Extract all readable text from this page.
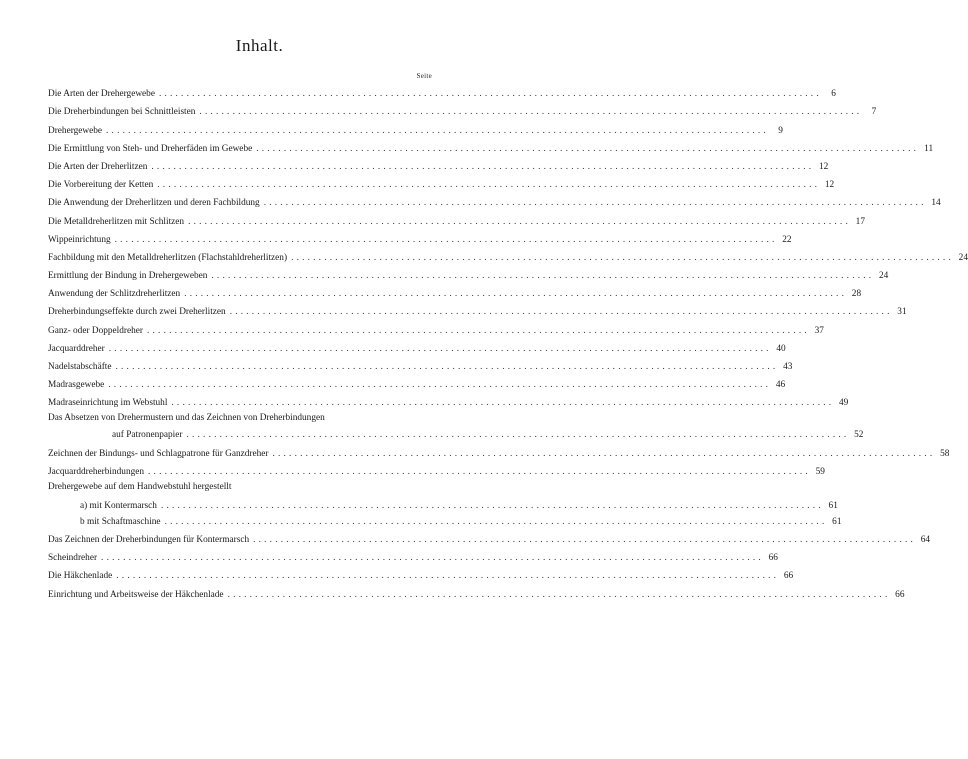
Inhalt.
Seite
Die Arten der Drehergewebe ........................................................................................................................	6
Die Dreherbindungen bei Schnittleisten ........................................................................................................................	7
Drehergewebe ........................................................................................................................	9
Die Ermittlung von Steh- und Dreherfäden im Gewebe ........................................................................................................................ 11
Die Arten der Dreherlitzen ........................................................................................................................ 12
Die Vorbereitung der Ketten ........................................................................................................................ 12
Die Anwendung der Dreherlitzen und deren Fachbildung ........................................................................................................................ 14
Die Metalldreherlitzen mit Schlitzen ........................................................................................................................ 17
Wippeinrichtung ........................................................................................................................ 22
Fachbildung mit den Metalldreherlitzen (Flachstahldreherlitzen) ........................................................................................................................ 24
Ermittlung der Bindung in Drehergeweben ........................................................................................................................ 24
Anwendung der Schlitzdreherlitzen ........................................................................................................................ 28
Dreherbindungseffekte durch zwei Dreherlitzen ........................................................................................................................ 31
Ganz- oder Doppeldreher ........................................................................................................................ 37
Jacquarddreher ........................................................................................................................ 40
Nadelstabschäfte ........................................................................................................................ 43
Madrasgewebe ........................................................................................................................ 46
Madraseinrichtung im Webstuhl ........................................................................................................................ 49
Das Absetzen von Drehermustern und das Zeichnen von Dreherbindungen
auf Patronenpapier ........................................................................................................................ 52
Zeichnen der Bindungs- und Schlagpatrone für Ganzdreher ........................................................................................................................ 58
Jacquarddreherbindungen ........................................................................................................................ 59
Drehergewebe auf dem Handwebstuhl hergestellt
a) mit Kontermarsch ........................................................................................................................ 61
b mit Schaftmaschine ........................................................................................................................ 61
Das Zeichnen der Dreherbindungen für Kontermarsch ........................................................................................................................ 64
Scheindreher ........................................................................................................................ 66
Die Häkchenlade ........................................................................................................................ 66
Einrichtung und Arbeitsweise der Häkchenlade ........................................................................................................................ 66
